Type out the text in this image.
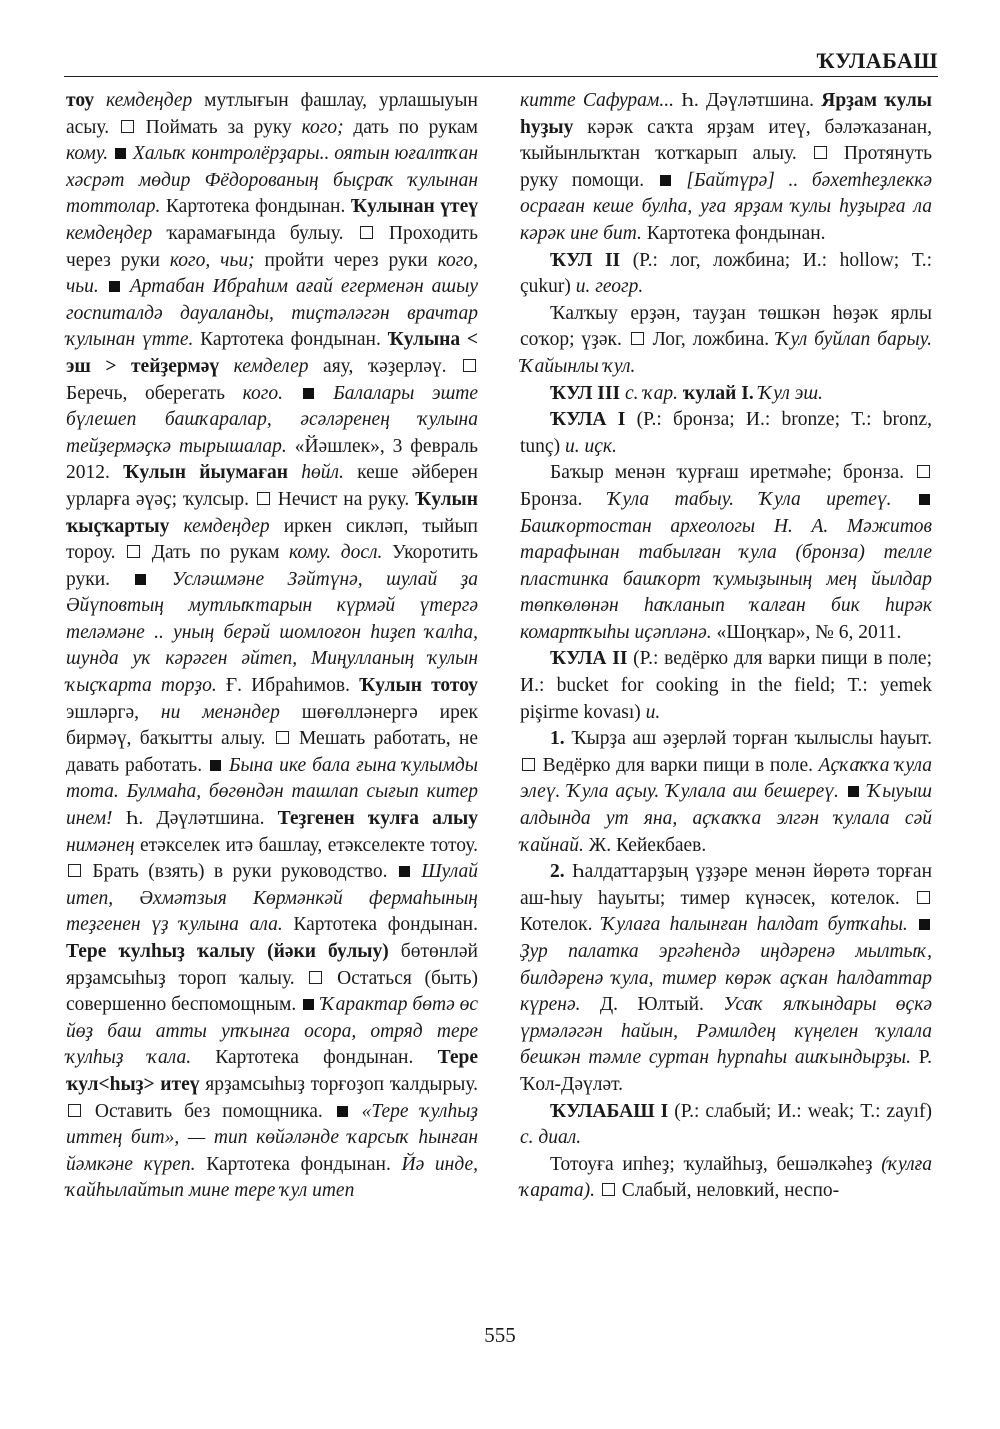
ҠУЛАБАШ

тоу кемдеңдер мутлығын фашлау, урлашыуын асыу.  Поймать за руку кого; дать по рукам кому. Халыҡ контролёрҙары.. оятын юғалтҡан хәсрәт мөдир Фёдорованың быҫраҡ ҡулынан тоттолар. Картотека фондынан. Ҡулынан үтеү кемдеңдер ҡарамағында булыу.  Проходить через руки кого, чьи; пройти через руки кого, чьи. Артабан Ибраһим ағай егерменән ашыу госпиталдә дауаланды, тиҫтәләгән врачтар ҡулынан үтте. Картотека фондынан. Ҡулына < эш > тейҙермәү кемделер аяу, ҡәҙерләү.  Беречь, оберегать кого.	Балалары эште бүлешеп башҡаралар, әсәләренең ҡулына тейҙермәҫкә тырышалар. «Йәшлек», 3 февраль 2012. Ҡулын йыумаған һөйл. кеше әйберен урларға әүәҫ; ҡулсыр.  Нечист на руку. Ҡулын ҡыҫҡартыу кемдеңдер иркен сикләп, тыйып тороу.  Дать по рукам кому. досл. Укоротить руки.  Усләшмәне Зәйтүнә, шулай ҙа Әйүповтың мутлыҡтарын күрмәй үтергә теләмәне .. уның берәй шомлоғон һиҙеп ҡалһа, шунда уҡ кәрәген әйтеп, Миңулланың ҡулын ҡыҫҡарта торҙо. Ғ. Ибраһимов. Ҡулын тотоу эшләргә, ни менәндер шөғөлләнергә ирек бирмәү, баҡытты алыу.  Мешать работать, не давать работать.  Бына ике бала ғына ҡулымды тота. Булмаһа, бөгөндән ташлап сығып китер инем! Һ. Дәүләтшина. Теҙгенен ҡулға алыу нимәнең етәкселек итә башлау, етәкселекте тотоу.  Брать (взять) в руки руководство.  Шулай итеп, Әхмәтзыя Көрмәнкәй фермаһының теҙгенен үҙ ҡулына ала. Картотека фондынан. Тере ҡулһыҙ ҡалыу (йәки булыу) бөтөнләй ярҙамсыһыҙ тороп ҡалыу.  Остаться (быть) совершенно беспомощным.  Ҡарактар бөтә өс йөҙ баш атты упҡынға осорa, отряд тере ҡулһыҙ ҡала. Картотека фондынан. Тере ҡул<һыҙ> итеү ярҙамсыһыҙ торғоҙоп ҡалдырыу.  Оставить без помощника.  «Тере ҡулһыҙ иттең бит», — тип көйәләнде ҡарсыҡ һынған йәмкәне күреп. Картотека фондынан. Йә инде, ҡайһылайтып мине тере ҡул итеп

китте Сафурам... Һ. Дәүләтшина. Ярҙам ҡулы һуҙыу кәрәк саҡта ярҙам итеү, бәләҡазанан, ҡыйынлыҡтан ҡотҡарып алыу.  Протянуть руку помощи.  [Байтүрә] .. бәхетһеҙлеккә осраған кеше булһа, уға ярҙам ҡулы һуҙырға ла кәрәк ине бит. Картотека фондынан.

ҠУЛ II (Р.: лог, ложбина; И.: hollow; Т.: çukur) и. геогр.

Ҡалҡыу ерҙән, тауҙан төшкән һөҙәк ярлы соҡор; үҙәк.  Лог, ложбина. Ҡул буйлап барыу. Ҡайынлы ҡул.

ҠУЛ III с. ҡар. ҡулай I. Ҡул эш.

ҠУЛА I (Р.: бронза; И.: bronze; Т.: bronz, tunç) и. иҫк.

Баҡыр менән ҡурғаш иретмәһе; бронза.  Бронза. Ҡула табыу. Ҡула иретеү.  Башҡортостан археологы Н. А. Мәжитов тарафынан табылған ҡула (бронза) телле пластинка башҡорт ҡумыҙының мең йылдар төпкөлөнән һаҡланып ҡалған бик һирәк комартҡыһы иҫәпләнә. «Шоңҡар», № 6, 2011.

ҠУЛА II (Р.: ведёрко для варки пищи в поле; И.: bucket for cooking in the field; Т.: yemek pişirme kovası) и.

1. Ҡырҙа аш әҙерләй торған ҡылыслы һауыт.  Ведёрко для варки пищи в поле. Аҫҡаҡҡа ҡула элеү. Ҡула аҫыу. Ҡулала аш бешереү. Ҡыуыш алдында ут яна, аҫҡаҡҡа элгән ҡулала сәй ҡайнай. Ж. Кейекбаев.

2. Һалдаттарҙың үҙҙәре менән йөрөтә торған аш-һыу һауыты; тимер күнәсек, котелок.  Котелок. Ҡулаға һалынған һалдат бутҡаһы.  Ҙур палатка эргәһендә иңдәренә мылтыҡ, билдәренә ҡула, тимер көрәк аҫҡан һалдаттар күренә. Д. Юлтый. Усаҡ ялҡындары өҫкә үрмәләгән һайын, Рәмилдең күңелен ҡулала бешкән тәмле суртан һурпаһы ашҡындырҙы. Р. Ҡол-Дәүләт.

ҠУЛАБАШ I (Р.: слабый; И.: weak; Т.: zayıf) с. диал.

Тотоуға ипһеҙ; ҡулайһыҙ, бешәлкәһеҙ (ҡулға ҡарата).  Слабый, неловкий, неспо-

555
